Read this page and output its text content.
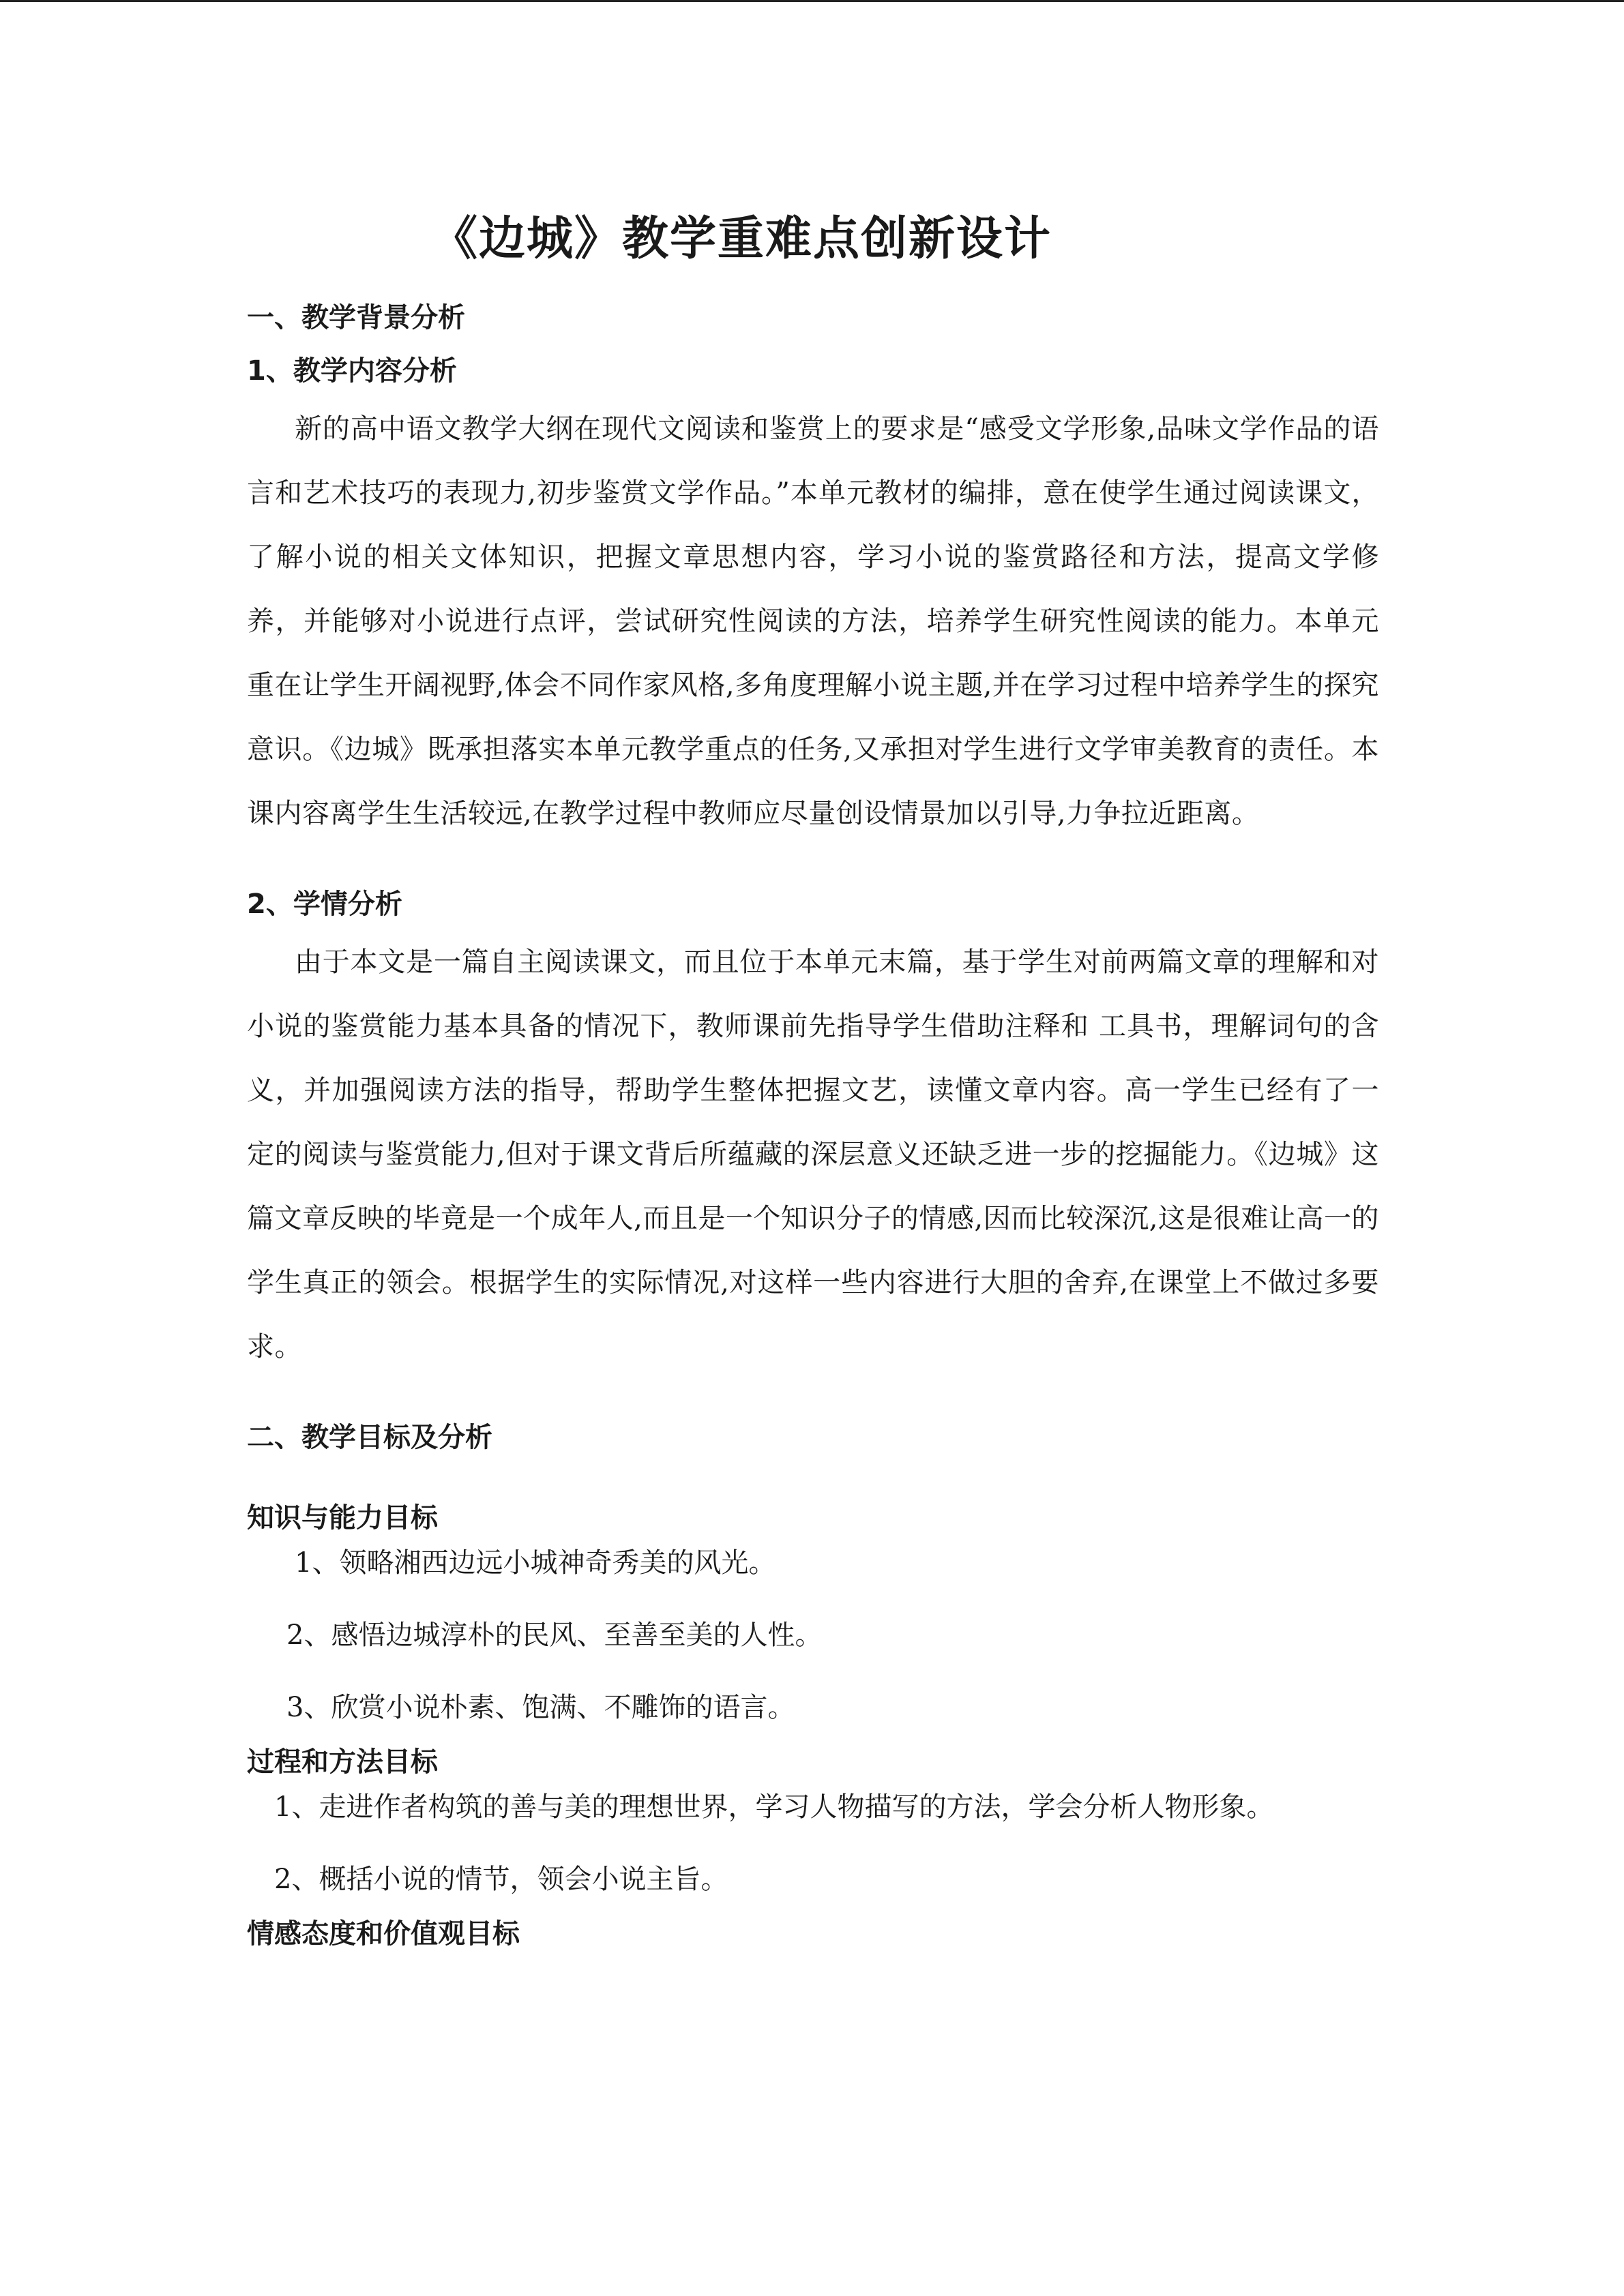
《边城》教学重难点创新设计
一、教学背景分析
1、教学内容分析

新的高中语文教学大纲在现代文阅读和鉴赏上的要求是“感受文学形象,品味文学作品的语言和艺术技巧的表现力,初步鉴赏文学作品。”本单元教材的编排，意在使学生通过阅读课文，了解小说的相关文体知识，把握文章思想内容，学习小说的鉴赏路径和方法，提高文学修养，并能够对小说进行点评，尝试研究性阅读的方法，培养学生研究性阅读的能力。本单元重在让学生开阔视野,体会不同作家风格,多角度理解小说主题,并在学习过程中培养学生的探究意识。《边城》既承担落实本单元教学重点的任务,又承担对学生进行文学审美教育的责任。本课内容离学生生活较远,在教学过程中教师应尽量创设情景加以引导,力争拉近距离。

2、学情分析

由于本文是一篇自主阅读课文，而且位于本单元末篇，基于学生对前两篇文章的理解和对小说的鉴赏能力基本具备的情况下，教师课前先指导学生借助注释和 工具书，理解词句的含义，并加强阅读方法的指导，帮助学生整体把握文艺，读懂文章内容。高一学生已经有了一定的阅读与鉴赏能力,但对于课文背后所蕴藏的深层意义还缺乏进一步的挖掘能力。《边城》这篇文章反映的毕竟是一个成年人,而且是一个知识分子的情感,因而比较深沉,这是很难让高一的学生真正的领会。根据学生的实际情况,对这样一些内容进行大胆的舍弃,在课堂上不做过多要求。

二、教学目标及分析
知识与能力目标
1、领略湘西边远小城神奇秀美的风光。
2、感悟边城淳朴的民风、至善至美的人性。
3、欣赏小说朴素、饱满、不雕饰的语言。
过程和方法目标
1、走进作者构筑的善与美的理想世界，学习人物描写的方法，学会分析人物形象。
2、概括小说的情节，领会小说主旨。
情感态度和价值观目标
